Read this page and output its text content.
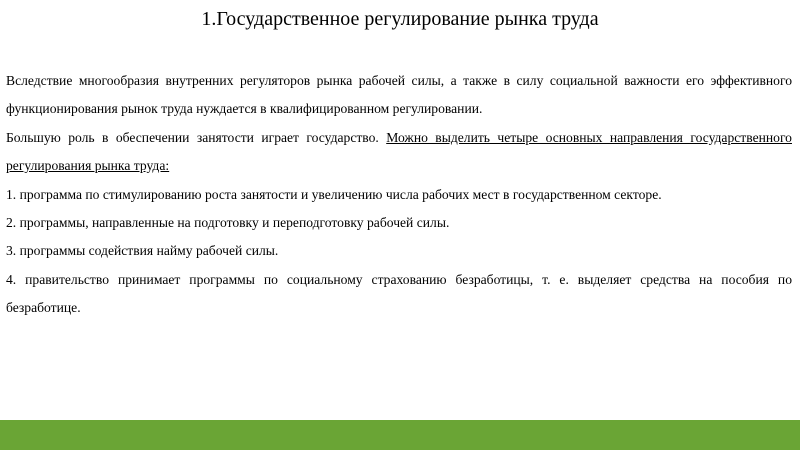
1.Государственное регулирование рынка труда

Вследствие многообразия внутренних регуляторов рынка рабочей силы, а также в силу социальной важности его эффективного функционирования рынок труда нуждается в квалифицированном регулировании.

Большую роль в обеспечении занятости играет государство. Можно выделить четыре основных направления государственного регулирования рынка труда:

1. программа по стимулированию роста занятости и увеличению числа рабочих мест в государственном секторе.

2. программы, направленные на подготовку и переподготовку рабочей силы.

3. программы содействия найму рабочей силы.

4. правительство принимает программы по социальному страхованию безработицы, т. е. выделяет средства на пособия по безработице.
